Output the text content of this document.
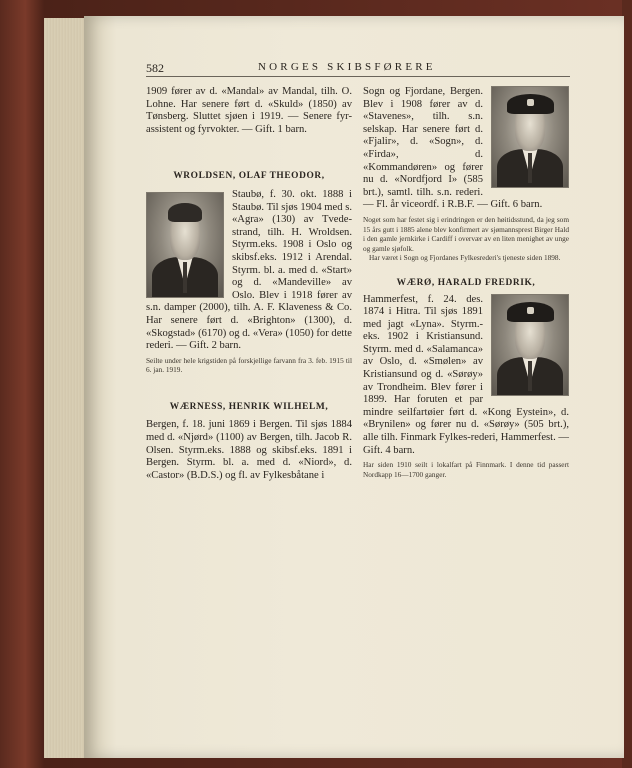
582	NORGES SKIBSFØRERE

1909 fører av d. «Mandal» av Mandal, tilh. O. Lohne. Har senere ført d. «Skuld» (1850) av Tønsberg. Sluttet sjøen i 1919. — Senere fyr-assistent og fyrvokter. — Gift. 1 barn.

WROLDSEN, OLAF THEODOR,

Staubø, f. 30. okt. 1888 i Staubø. Til sjøs 1904 med s. «Agra» (130) av Tvede-strand, tilh. H. Wroldsen. Styrm.eks. 1908 i Oslo og skibsf.eks. 1912 i Arendal. Styrm. bl. a. med d. «Start» og d. «Mandeville» av Oslo. Blev i 1918 fører av s.n. damper (2000), tilh. A. F. Klaveness & Co. Har senere ført d. «Brighton» (1300), d. «Skogstad» (6170) og d. «Vera» (1050) for dette rederi. — Gift. 2 barn.

Seilte under hele krigstiden på forskjellige farvann fra 3. feb. 1915 til 6. jan. 1919.

WÆRNESS, HENRIK WILHELM,

Bergen, f. 18. juni 1869 i Bergen. Til sjøs 1884 med d. «Njørd» (1100) av Bergen, tilh. Jacob R. Olsen. Styrm.eks. 1888 og skibsf.eks. 1891 i Bergen. Styrm. bl. a. med d. «Niord», d. «Castor» (B.D.S.) og fl. av Fylkesbåtane i

Sogn og Fjordane, Bergen. Blev i 1908 fører av d. «Stavenes», tilh. s.n. selskap. Har senere ført d. «Fjalir», d. «Sogn», d. «Firda», d. «Kommandøren» og fører nu d. «Nordfjord I» (585 brt.), samtl. tilh. s.n. rederi. — Fl. år viceordf. i R.B.F. — Gift. 6 barn.

Noget som har festet sig i erindringen er den høitidsstund, da jeg som 15 års gutt i 1885 alene blev konfirmert av sjømannsprest Birger Hald i den gamle jernkirke i Cardiff i overvær av en liten menighet av unge og gamle sjøfolk.

Har været i Sogn og Fjordanes Fylkesrederi's tjeneste siden 1898.

WÆRØ, HARALD FREDRIK,

Hammerfest, f. 24. des. 1874 i Hitra. Til sjøs 1891 med jagt «Lyna». Styrm.-eks. 1902 i Kristiansund. Styrm. med d. «Salamanca» av Oslo, d. «Smølen» av Kristiansund og d. «Sørøy» av Trondheim. Blev fører i 1899. Har foruten et par mindre seilfartøier ført d. «Kong Eystein», d. «Brynilen» og fører nu d. «Sørøy» (505 brt.), alle tilh. Finmark Fylkes-rederi, Hammerfest. — Gift. 4 barn.

Har siden 1910 seilt i lokalfart på Finnmark. I denne tid passert Nordkapp 16—1700 ganger.
